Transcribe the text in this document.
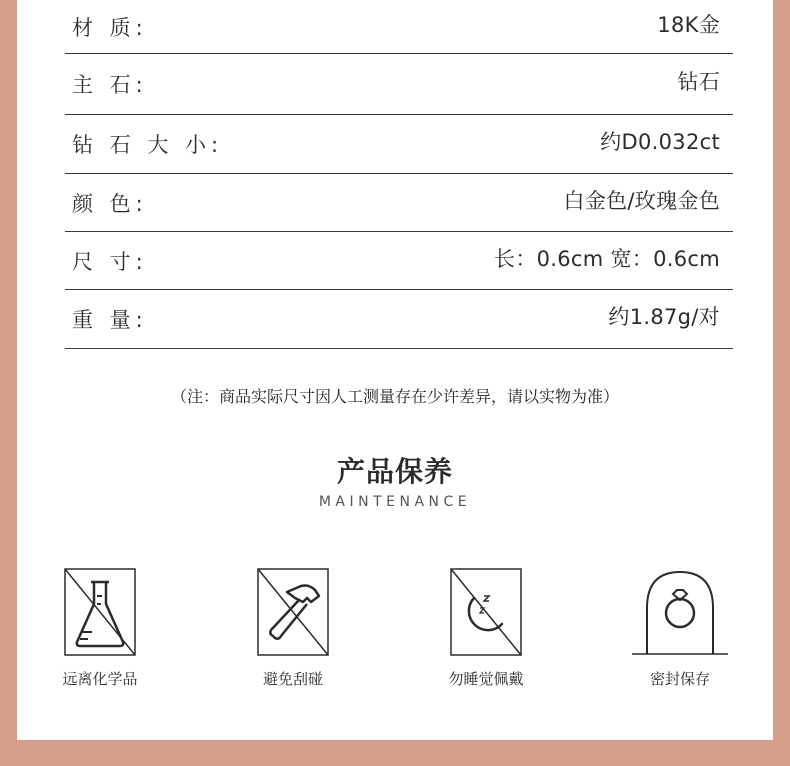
材 质:	18K金
主 石:	钻石
钻 石 大 小:	约D0.032ct
颜 色:	白金色/玫瑰金色
尺 寸:	长：0.6cm 宽：0.6cm
重 量:	约1.87g/对
（注：商品实际尺寸因人工测量存在少许差异，请以实物为准）
产品保养
MAINTENANCE
远离化学品	避免刮碰	勿睡觉佩戴	密封保存
